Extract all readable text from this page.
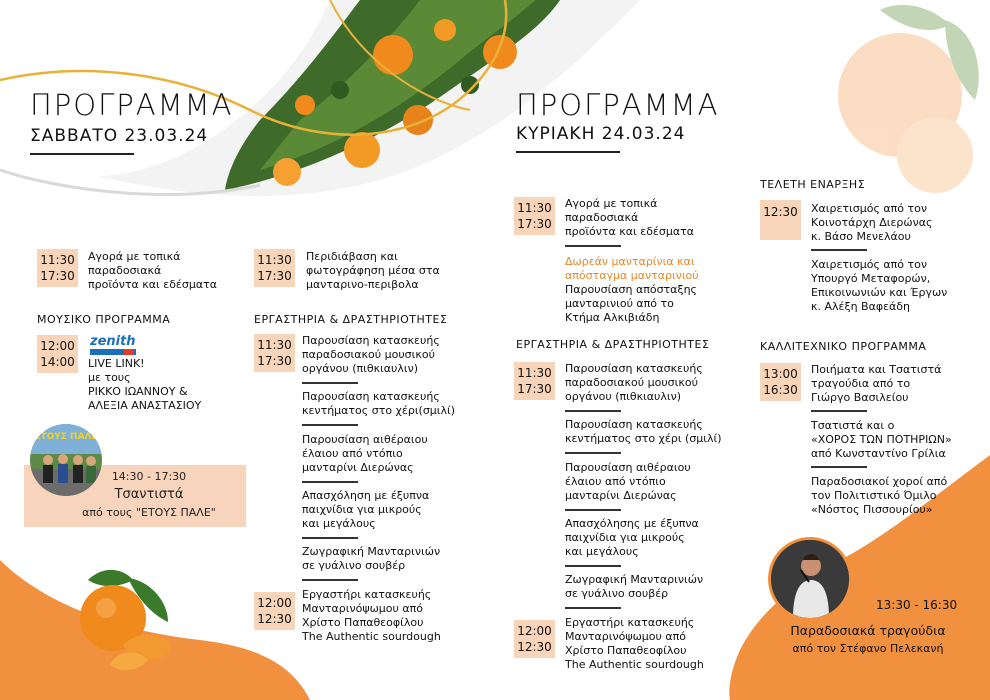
ΠΡΟΓΡΑΜΜΑ
ΣΑΒΒΑΤΟ 23.03.24
11:30
17:30
Αγορά με τοπικά
παραδοσιακά
προϊόντα και εδέσματα
ΜΟΥΣΙΚΟ ΠΡΟΓΡΑΜΜΑ
12:00
14:00
zenith
LIVE LINK!
με τους
ΡΙΚΚΟ ΙΩΑΝΝΟΥ &
ΑΛΕΞΙΑ ΑΝΑΣΤΑΣΙΟΥ
14:30 - 17:30
Τσαντιστά
από τους "ΕΤΟΥΣ ΠΑΛΕ"
ΕΤΟΥΣ ΠΑΛΕ
11:30
17:30
Περιδιάβαση και
φωτογράφηση μέσα στα
μανταρινο-περιβολα
ΕΡΓΑΣΤΗΡΙΑ & ΔΡΑΣΤΗΡΙΟΤΗΤΕΣ
11:30
17:30
Παρουσίαση κατασκευής
παραδοσιακού μουσικού
οργάνου (πιθκιαυλιν)
Παρουσίαση κατασκευής
κεντήματος στο χέρι(σμιλί)
Παρουσίαση αιθέραιου
έλαιου από ντόπιο
μανταρίνι Διερώνας
Απασχόληση με έξυπνα
παιχνίδια για μικρούς
και μεγάλους
Ζωγραφική Μανταρινιών
σε γυάλινο σουβέρ
12:00
12:30
Εργαστήρι κατασκευής
Μανταρινόψωμου από
Χρίστο Παπαθεοφίλου
The Authentic sourdough
ΠΡΟΓΡΑΜΜΑ
ΚΥΡΙΑΚΗ 24.03.24
11:30
17:30
Αγορά με τοπικά
παραδοσιακά
προϊόντα και εδέσματα
Δωρεάν μανταρίνια και
απόσταγμα μανταρινιού
Παρουσίαση απόσταξης
μανταρινιού από το
Κτήμα Αλκιβιάδη
ΕΡΓΑΣΤΗΡΙΑ & ΔΡΑΣΤΗΡΙΟΤΗΤΕΣ
11:30
17:30
Παρουσίαση κατασκευής
παραδοσιακού μουσικού
οργάνου (πιθκιαυλιν)
Παρουσίαση κατασκευής
κεντήματος στο χέρι (σμιλί)
Παρουσίαση αιθέραιου
έλαιου από ντόπιο
μανταρίνι Διερώνας
Απασχόλησης με έξυπνα
παιχνίδια για μικρούς
και μεγάλους
Ζωγραφική Μανταρινιών
σε γυάλινο σουβέρ
12:00
12:30
Εργαστήρι κατασκευής
Μανταρινόψωμου από
Χρίστο Παπαθεοφίλου
The Authentic sourdough
ΤΕΛΕΤΗ ΕΝΑΡΞΗΣ
12:30 Χαιρετισμός από τον
Κοινοτάρχη Διερώνας
κ. Βάσο Μενελάου
Χαιρετισμός από τον
Υπουργό Μεταφορών,
Επικοινωνιών και Έργων
κ. Αλέξη Βαφεάδη
ΚΑΛΛΙΤΕΧΝΙΚΟ ΠΡΟΓΡΑΜΜΑ
13:00
16:30
Ποιήματα και Τσατιστά
τραγούδια από το
Γιώργο Βασιλείου
Τσατιστά και ο
«ΧΟΡΟΣ ΤΩΝ ΠΟΤΗΡΙΩΝ»
από Κωνσταντίνο Γρίλια
Παραδοσιακοί χοροί από
τον Πολιτιστικό Όμιλο
«Νόστος Πισσουρίου»
13:30 - 16:30
Παραδοσιακά τραγούδια
από τον Στέφανο Πελεκανή
